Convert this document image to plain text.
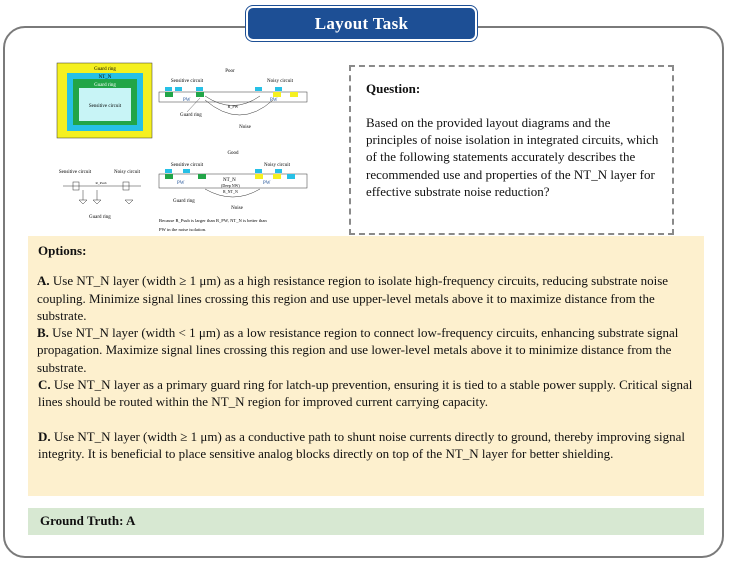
Layout Task
Guard ring
NT_N
Guard ring
Sensitive circuit
Poor
Sensitive circuit	Noisy circuit
PW	PW
R_PW
Guard ring
Noise
Sensitive circuit	Noisy circuit
R_Psub
Guard ring
Good
Sensitive circuit	Noisy circuit
PW	PW
NT_N
(Deep NW)
R_NT_N
Guard ring
Noise
Because R_Psub is larger than R_PW, NT_N is better than
PW in the noise isolation.
Question:
Based on the provided layout diagrams and the principles of noise isolation in integrated circuits, which of the following statements accurately describes the recommended use and properties of the NT_N layer for effective substrate noise reduction?
Options:

A. Use NT_N layer (width ≥ 1 μm) as a high resistance region to isolate high-frequency circuits, reducing substrate noise coupling. Minimize signal lines crossing this region and use upper-level metals above it to maximize distance from the substrate.

B. Use NT_N layer (width < 1 μm) as a low resistance region to connect low-frequency circuits, enhancing substrate signal propagation. Maximize signal lines crossing this region and use lower-level metals above it to minimize distance from the substrate.

C. Use NT_N layer as a primary guard ring for latch-up prevention, ensuring it is tied to a stable power supply. Critical signal lines should be routed within the NT_N region for improved current carrying capacity.

D. Use NT_N layer (width ≥ 1 μm) as a conductive path to shunt noise currents directly to ground, thereby improving signal integrity. It is beneficial to place sensitive analog blocks directly on top of the NT_N layer for better shielding.

Ground Truth: A
